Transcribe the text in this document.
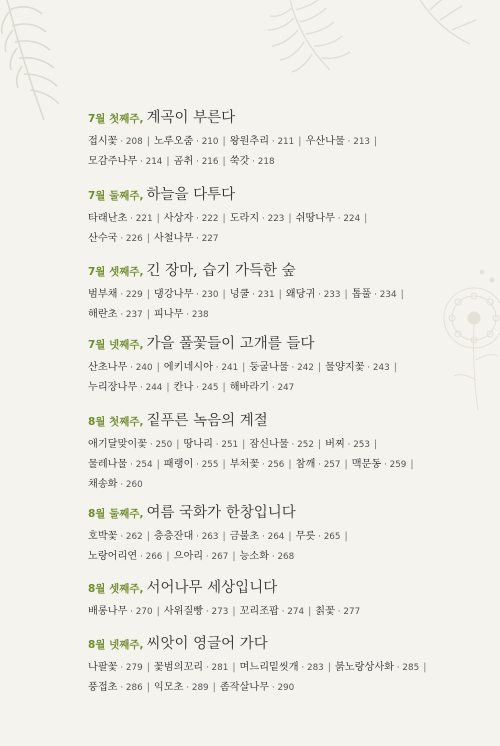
7월 첫째주, 계곡이 부른다
접시꽃 · 208 | 노루오줌 · 210 | 왕원추리 · 211 | 우산나물 · 213 |
모감주나무 · 214 | 곰취 · 216 | 쑥갓 · 218
7월 둘째주, 하늘을 다투다
타래난초 · 221 | 사상자 · 222 | 도라지 · 223 | 쉬땅나무 · 224 |
산수국 · 226 | 사철나무 · 227
7월 셋째주, 긴 장마, 습기 가득한 숲
범부채 · 229 | 댕강나무 · 230 | 넝쿨 · 231 | 왜당귀 · 233 | 톱풀 · 234 |
해란초 · 237 | 피나무 · 238
7월 넷째주, 가을 풀꽃들이 고개를 들다
산초나무 · 240 | 에키네시아 · 241 | 둥굴나물 · 242 | 물양지꽃 · 243 |
누리장나무 · 244 | 칸나 · 245 | 해바라기 · 247
8월 첫째주, 짙푸른 녹음의 계절
애기달맞이꽃 · 250 | 땅나리 · 251 | 잠신나물 · 252 | 버찌 · 253 |
물레나물 · 254 | 패랭이 · 255 | 부처꽃 · 256 | 참깨 · 257 | 맥문동 · 259 |
채송화 · 260
8월 둘째주, 여름 국화가 한창입니다
호박꽃 · 262 | 층층잔대 · 263 | 금불초 · 264 | 무릇 · 265 |
노랑어리연 · 266 | 으아리 · 267 | 능소화 · 268
8월 셋째주, 서어나무 세상입니다
배롱나무 · 270 | 사위질빵 · 273 | 꼬리조팝 · 274 | 칡꽃 · 277
8월 넷째주, 씨앗이 영글어 가다
나팔꽃 · 279 | 꽃범의꼬리 · 281 | 며느리밑씻개 · 283 | 붉노랑상사화 · 285 |
풍접초 · 286 | 익모초 · 289 | 좀작살나무 · 290
